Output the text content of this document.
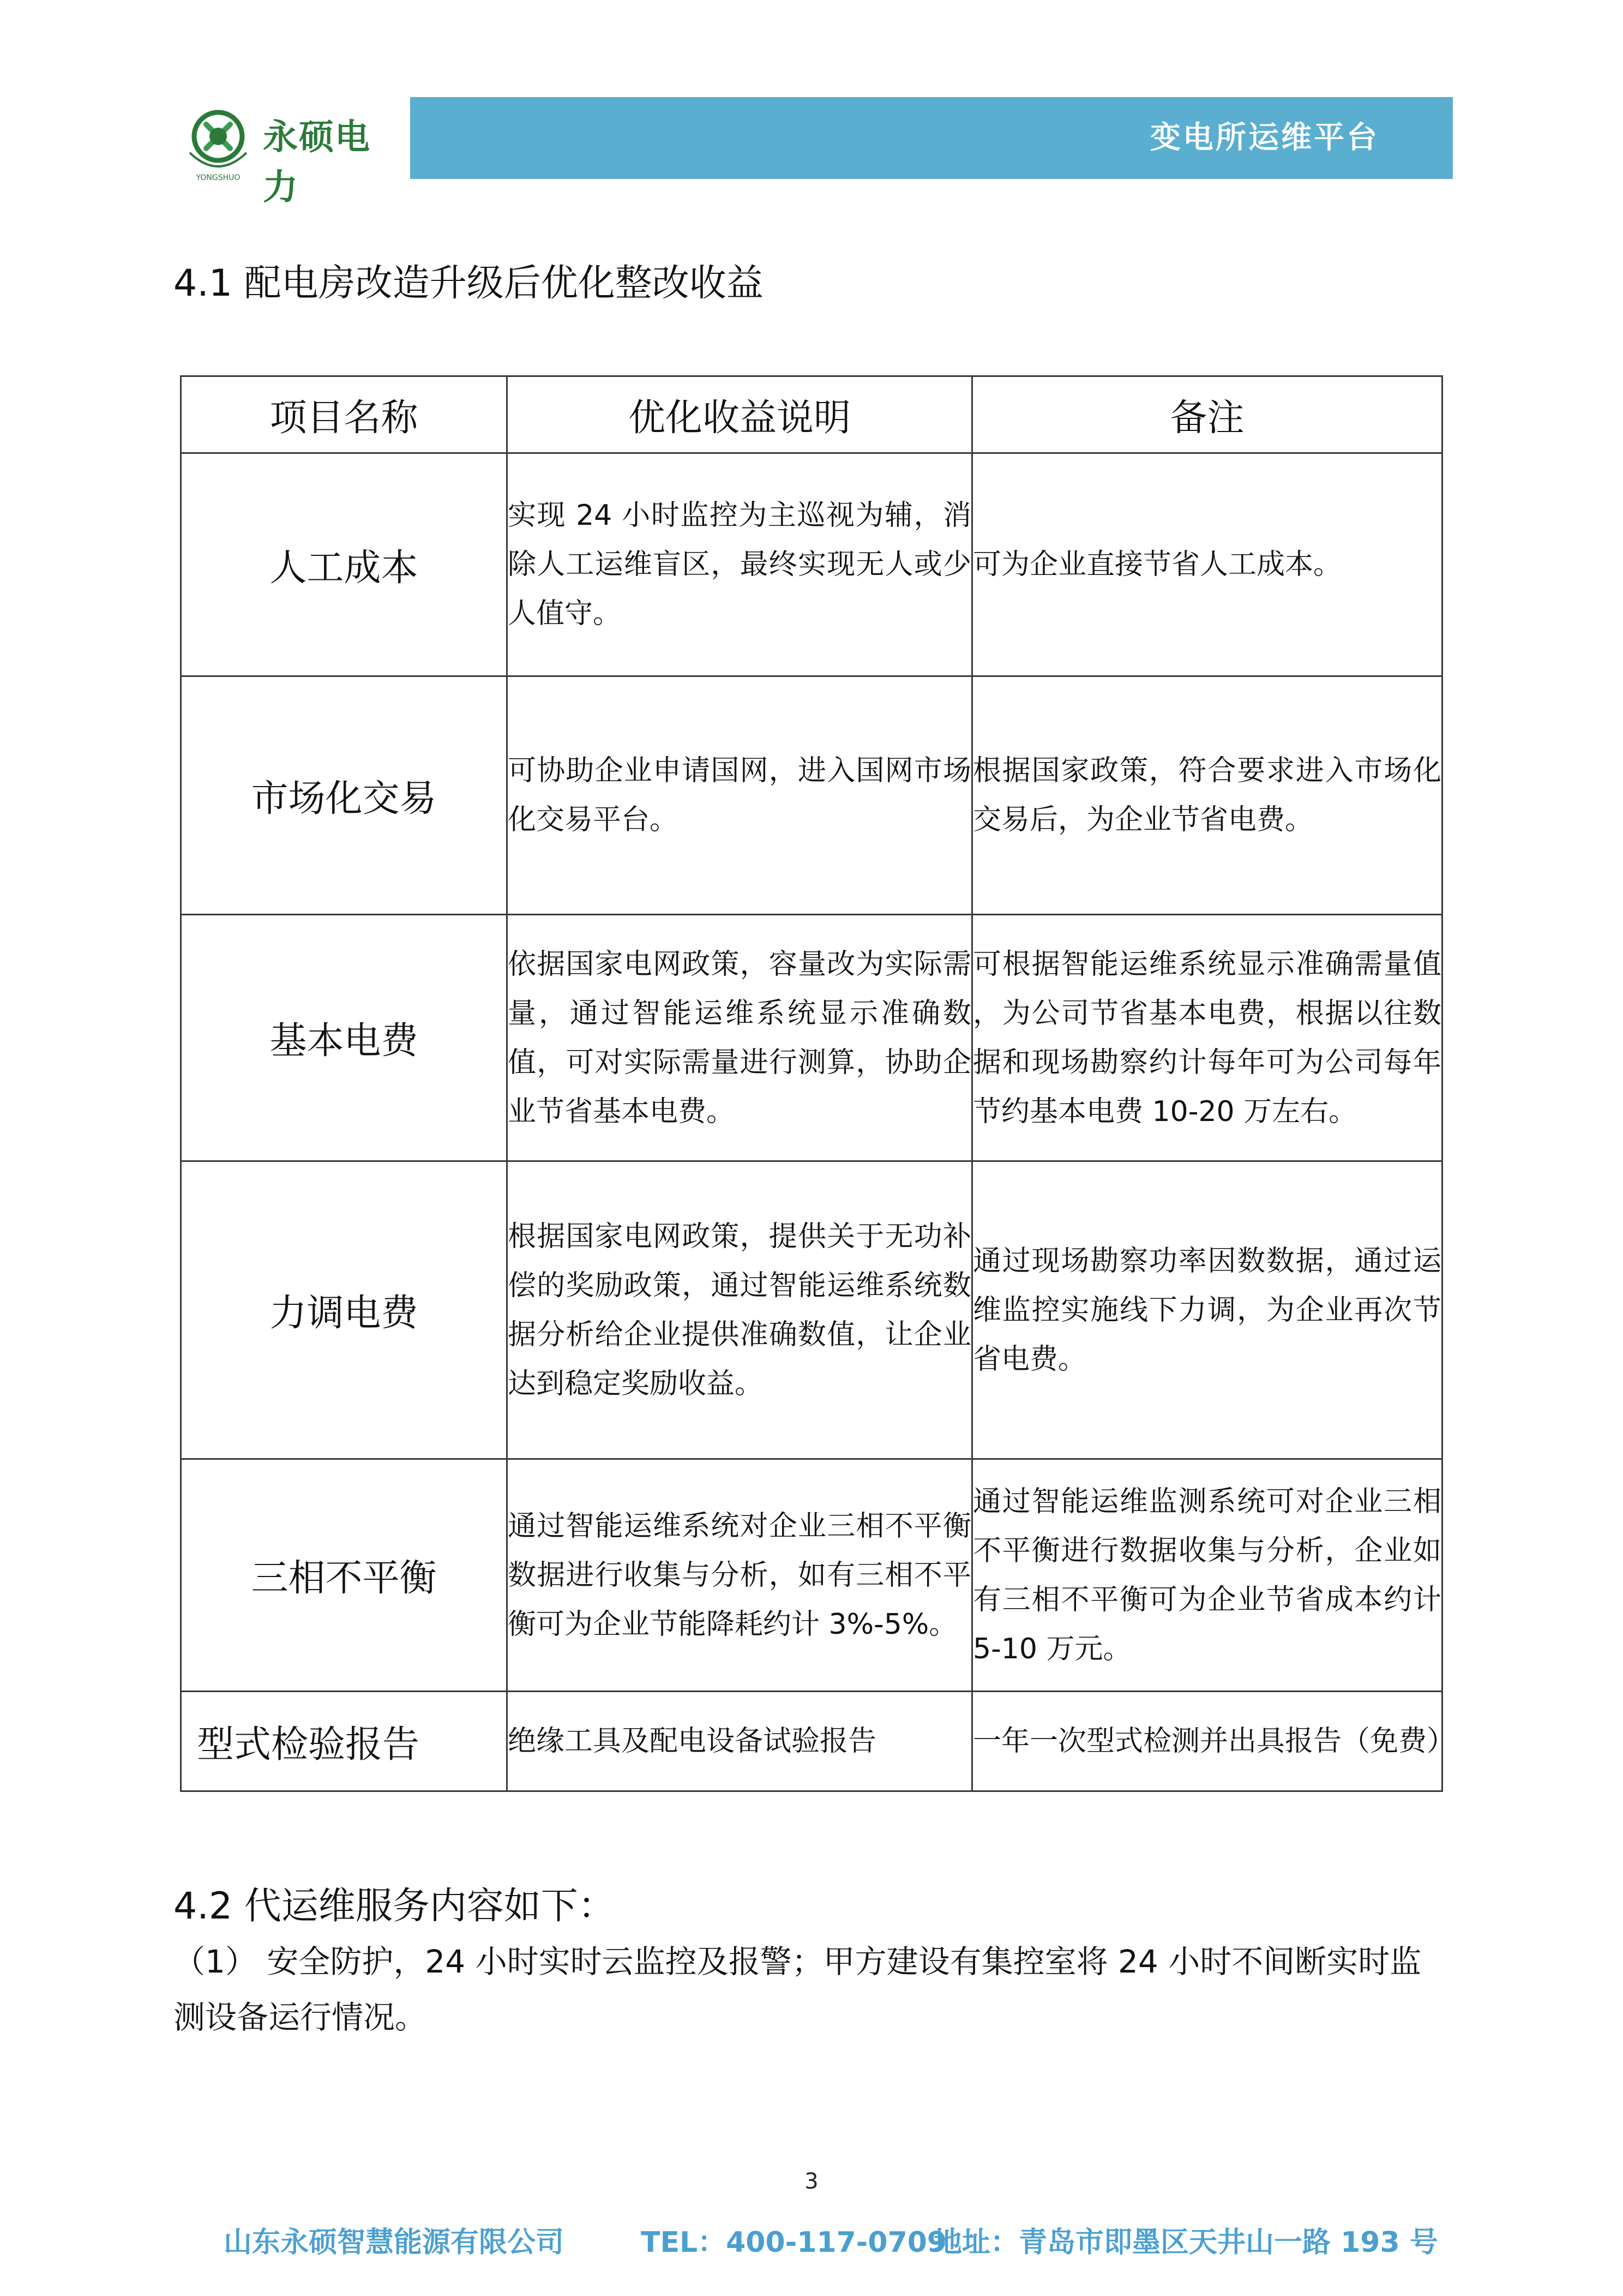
YONGSHUO
永硕电力
变电所运维平台
4.1 配电房改造升级后优化整改收益
项目名称	优化收益说明	备注
人工成本	实现 24 小时监控为主巡视为辅，消除人工运维盲区，最终实现无人或少人值守。	可为企业直接节省人工成本。
市场化交易	可协助企业申请国网，进入国网市场化交易平台。	根据国家政策，符合要求进入市场化交易后，为企业节省电费。
基本电费	依据国家电网政策，容量改为实际需量，通过智能运维系统显示准确数值，可对实际需量进行测算，协助企业节省基本电费。	可根据智能运维系统显示准确需量值 ，为公司节省基本电费，根据以往数据和现场勘察约计每年可为公司每年节约基本电费 10-20 万左右。
力调电费	根据国家电网政策，提供关于无功补偿的奖励政策，通过智能运维系统数据分析给企业提供准确数值，让企业达到稳定奖励收益。	通过现场勘察功率因数数据，通过运维监控实施线下力调，为企业再次节省电费。
三相不平衡	通过智能运维系统对企业三相不平衡数据进行收集与分析，如有三相不平衡可为企业节能降耗约计 3%-5%。	通过智能运维监测系统可对企业三相不平衡进行数据收集与分析，企业如有三相不平衡可为企业节省成本约计 5-10 万元。
型式检验报告	绝缘工具及配电设备试验报告	一年一次型式检测并出具报告（免费）
4.2 代运维服务内容如下：
（1） 安全防护，24 小时实时云监控及报警；甲方建设有集控室将 24 小时不间断实时监测设备运行情况。
3
山东永硕智慧能源有限公司	TEL：400-117-0709
地址：青岛市即墨区天井山一路 193 号
